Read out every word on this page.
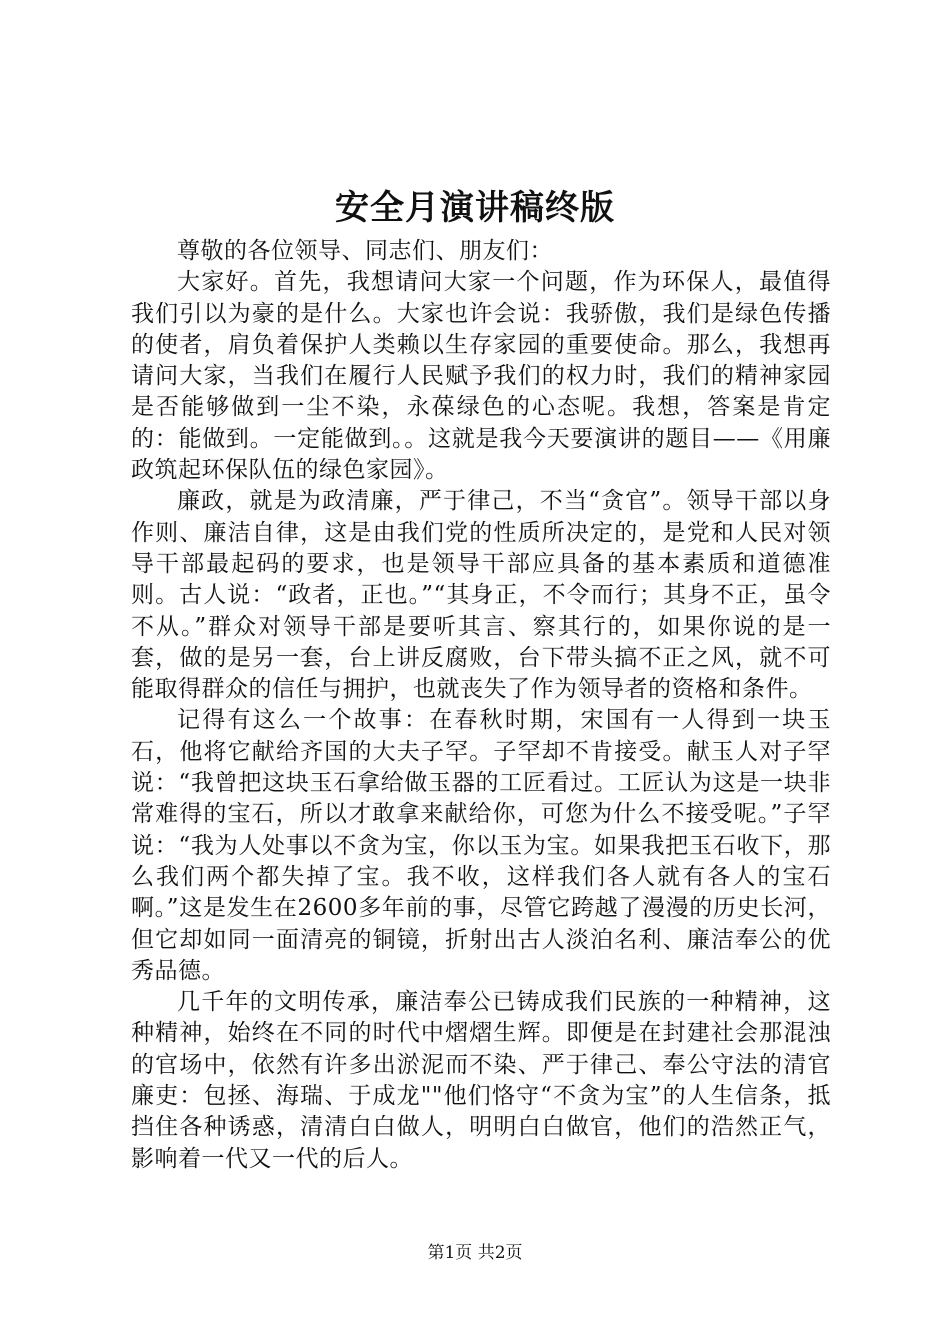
安全月演讲稿终版

尊敬的各位领导、同志们、朋友们：

大家好。首先，我想请问大家一个问题，作为环保人，最值得我们引以为豪的是什么。大家也许会说：我骄傲，我们是绿色传播的使者，肩负着保护人类赖以生存家园的重要使命。那么，我想再请问大家，当我们在履行人民赋予我们的权力时，我们的精神家园是否能够做到一尘不染，永葆绿色的心态呢。我想，答案是肯定的：能做到。一定能做到。。这就是我今天要演讲的题目——《用廉政筑起环保队伍的绿色家园》。

廉政，就是为政清廉，严于律己，不当“贪官”。领导干部以身作则、廉洁自律，这是由我们党的性质所决定的，是党和人民对领导干部最起码的要求，也是领导干部应具备的基本素质和道德准则。古人说：“政者，正也。”“其身正，不令而行；其身不正，虽令不从。”群众对领导干部是要听其言、察其行的，如果你说的是一套，做的是另一套，台上讲反腐败，台下带头搞不正之风，就不可能取得群众的信任与拥护，也就丧失了作为领导者的资格和条件。

记得有这么一个故事：在春秋时期，宋国有一人得到一块玉石，他将它献给齐国的大夫子罕。子罕却不肯接受。献玉人对子罕说：“我曾把这块玉石拿给做玉器的工匠看过。工匠认为这是一块非常难得的宝石，所以才敢拿来献给你，可您为什么不接受呢。”子罕说：“我为人处事以不贪为宝，你以玉为宝。如果我把玉石收下，那么我们两个都失掉了宝。我不收，这样我们各人就有各人的宝石啊。”这是发生在2600多年前的事，尽管它跨越了漫漫的历史长河，但它却如同一面清亮的铜镜，折射出古人淡泊名利、廉洁奉公的优秀品德。

几千年的文明传承，廉洁奉公已铸成我们民族的一种精神，这种精神，始终在不同的时代中熠熠生辉。即便是在封建社会那混浊的官场中，依然有许多出淤泥而不染、严于律己、奉公守法的清官廉吏：包拯、海瑞、于成龙""他们恪守“不贪为宝”的人生信条，抵挡住各种诱惑，清清白白做人，明明白白做官，他们的浩然正气，影响着一代又一代的后人。

第1页 共2页
